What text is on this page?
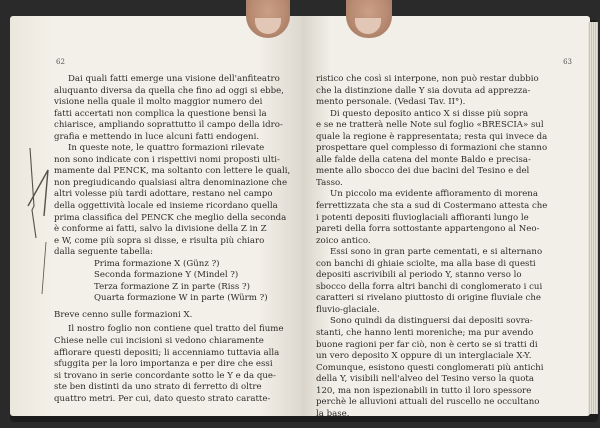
62
Dai quali fatti emerge una visione dell'anfiteatro
aluquanto diversa da quella che fino ad oggi si ebbe,
visione nella quale il molto maggior numero dei
fatti accertati non complica la questione bensì la
chiarisce, ampliando soprattutto il campo della idro-
grafia e mettendo in luce alcuni fatti endogeni.
In queste note, le quattro formazioni rilevate
non sono indicate con i rispettivi nomi proposti ulti-
mamente dal PENCK, ma soltanto con lettere le quali,
non pregiudicando qualsiasi altra denominazione che
altri volesse più tardi adottare, restano nel campo
della oggettività locale ed insieme ricordano quella
prima classifica del PENCK che meglio della seconda
è conforme ai fatti, salvo la divisione della Z in Z
e W, come più sopra si disse, e risulta più chiaro
dalla seguente tabella:
Prima formazione X (Günz ?)
Seconda formazione Y (Mindel ?)
Terza formazione Z in parte (Riss ?)
Quarta formazione W in parte (Würm ?)
Breve cenno sulle formazioni X.
Il nostro foglio non contiene quel tratto del fiume
Chiese nelle cui incisioni si vedono chiaramente
affiorare questi depositi; li accenniamo tuttavia alla
sfuggita per la loro importanza e per dire che essi
si trovano in serie concordante sotto le Y e da que-
ste ben distinti da uno strato di ferretto di oltre
quattro metri. Per cui, dato questo strato caratte-
63
ristico che così si interpone, non può restar dubbio
che la distinzione dalle Y sia dovuta ad apprezza-
mento personale. (Vedasi Tav. II°).
Di questo deposito antico X si disse più sopra
e se ne tratterà nelle Note sul foglio «BRESCIA» sul
quale la regione è rappresentata; resta qui invece da
prospettare quel complesso di formazioni che stanno
alle falde della catena del monte Baldo e precisa-
mente allo sbocco dei due bacini del Tesino e del
Tasso.
Un piccolo ma evidente affioramento di morena
ferrettizzata che sta a sud di Costermano attesta che
i potenti depositi fluvioglaciali affioranti lungo le
pareti della forra sottostante appartengono al Neo-
zoico antico.
Essi sono in gran parte cementati, e si alternano
con banchi di ghiaie sciolte, ma alla base di questi
depositi ascrivibili al periodo Y, stanno verso lo
sbocco della forra altri banchi di conglomerato i cui
caratteri si rivelano piuttosto di origine fluviale che
fluvio-glaciale.
Sono quindi da distinguersi dai depositi sovra-
stanti, che hanno lenti moreniche; ma pur avendo
buone ragioni per far ciò, non è certo se si tratti di
un vero deposito X oppure di un interglaciale X-Y.
Comunque, esistono questi conglomerati più antichi
della Y, visibili nell'alveo del Tesino verso la quota
120, ma non ispezionabili in tutto il loro spessore
perchè le alluvioni attuali del ruscello ne occultano
la base.
